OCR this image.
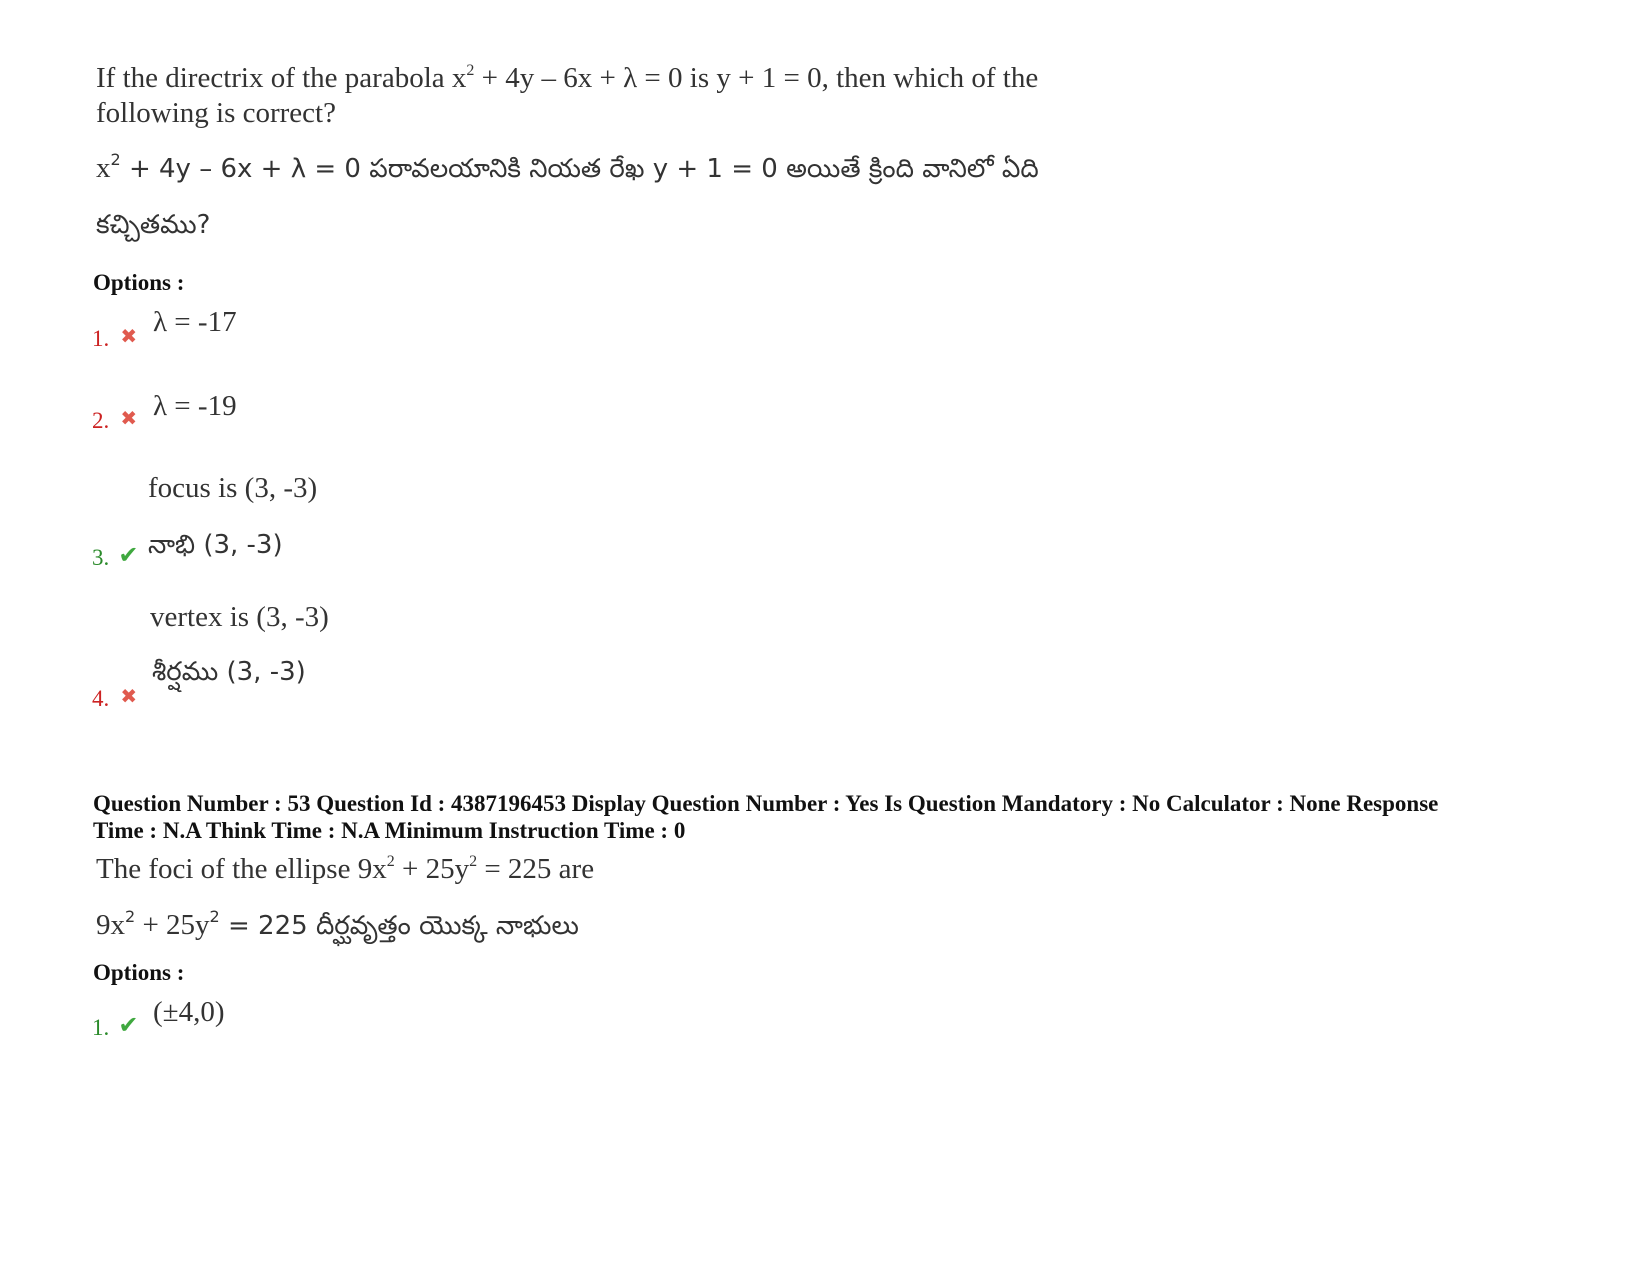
If the directrix of the parabola $x^2 + 4y - 6x + \lambda = 0$ is y + 1 = 0, then which of the
following is correct?
$x^2 + 4y - 6x + \lambda = 0$ పరావలయానికి నియత రేఖ y + 1 = 0 అయితే క్రింది వానిలో ఏది
కచ్చితము?
Options :
1. ✖ λ = -17
2. ✖ λ = -19
focus is (3, -3)
3. ✔ నాభి (3, -3)
vertex is (3, -3)
శీర్షము (3, -3)
4. ✖
Question Number : 53 Question Id : 4387196453 Display Question Number : Yes Is Question Mandatory : No Calculator : None Response
Time : N.A Think Time : N.A Minimum Instruction Time : 0
The foci of the ellipse $9x^2 + 25y^2 = 225$ are
$9x^2 + 25y^2 = 225$ దీర్ఘవృత్తం యొక్క నాభులు
Options :
1. ✔ (±4,0)
